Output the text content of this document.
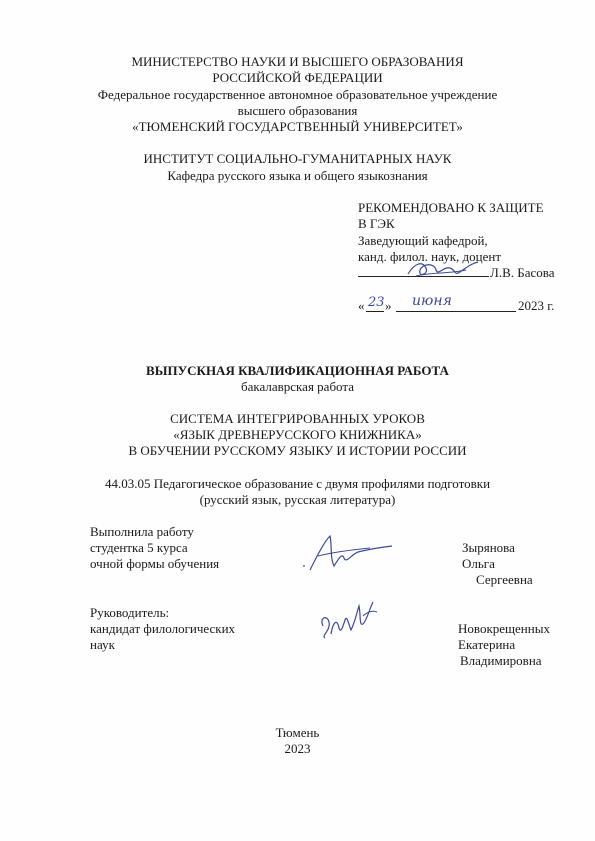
МИНИСТЕРСТВО НАУКИ И ВЫСШЕГО ОБРАЗОВАНИЯ
РОССИЙСКОЙ ФЕДЕРАЦИИ
Федеральное государственное автономное образовательное учреждение
высшего образования
«ТЮМЕНСКИЙ ГОСУДАРСТВЕННЫЙ УНИВЕРСИТЕТ»
ИНСТИТУТ СОЦИАЛЬНО-ГУМАНИТАРНЫХ НАУК
Кафедра русского языка и общего языкознания
РЕКОМЕНДОВАНО К ЗАЩИТЕ
В ГЭК
Заведующий кафедрой,
канд. филол. наук, доцент
Л.В. Басова
« 23 » июня	2023 г.
ВЫПУСКНАЯ КВАЛИФИКАЦИОННАЯ РАБОТА
бакалаврская работа
СИСТЕМА ИНТЕГРИРОВАННЫХ УРОКОВ
«ЯЗЫК ДРЕВНЕРУССКОГО КНИЖНИКА»
В ОБУЧЕНИИ РУССКОМУ ЯЗЫКУ И ИСТОРИИ РОССИИ
44.03.05 Педагогическое образование с двумя профилями подготовки
(русский язык, русская литература)
Выполнила работу
студентка 5 курса
очной формы обучения
Зырянова
Ольга
Сергеевна
Руководитель:
кандидат филологических
наук
Новокрещенных
Екатерина
Владимировна
Тюмень
2023
